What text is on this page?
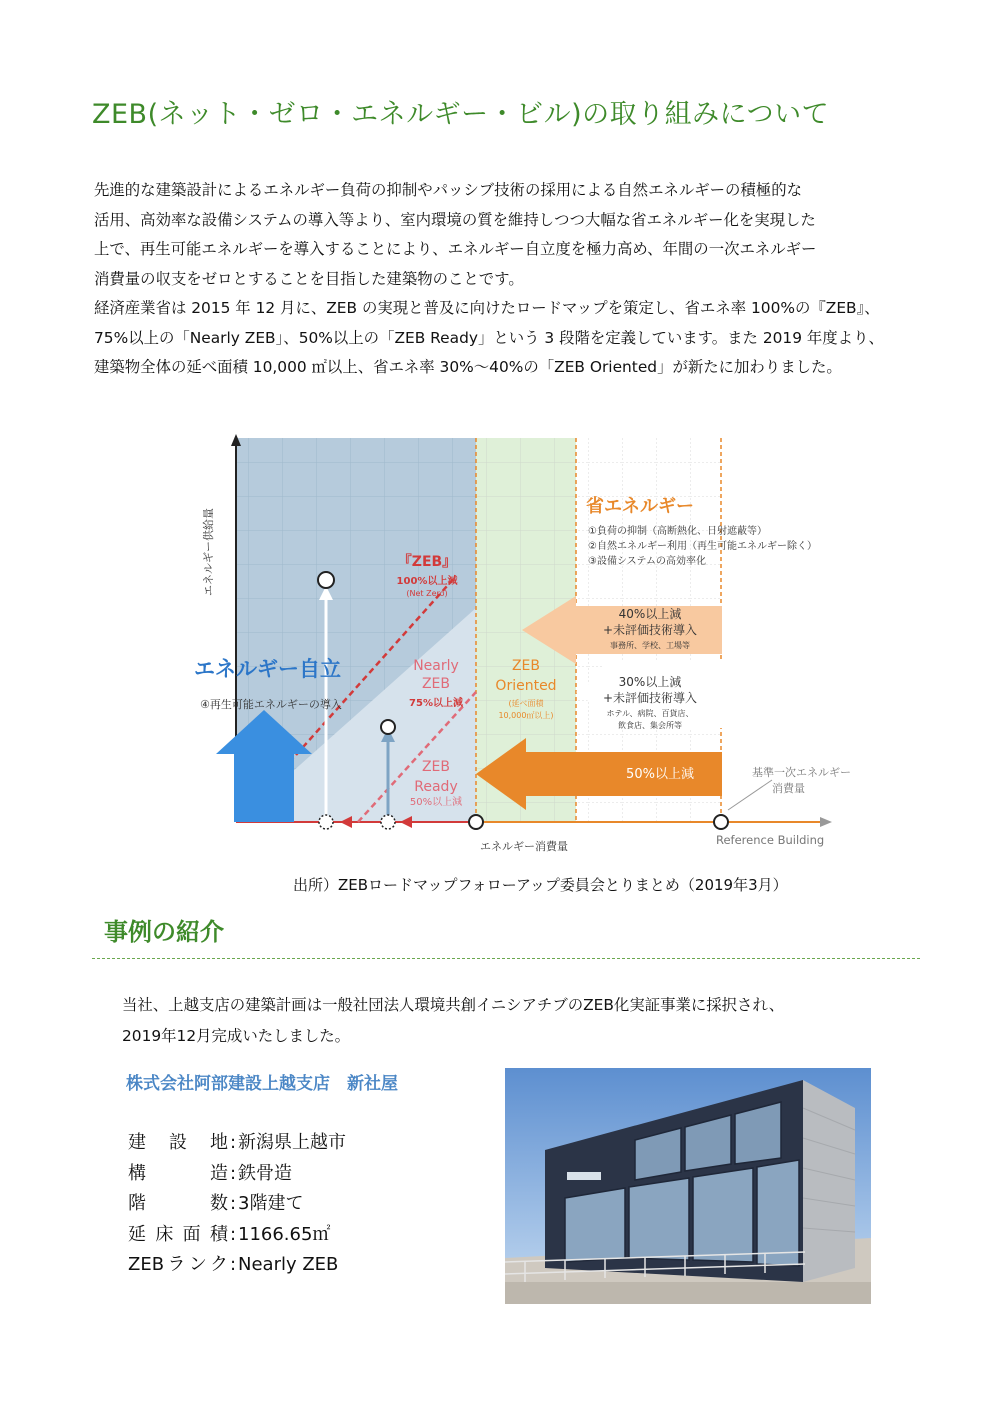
ZEB(ネット・ゼロ・エネルギー・ビル)の取り組みについて

先進的な建築設計によるエネルギー負荷の抑制やパッシブ技術の採用による自然エネルギーの積極的な

活用、高効率な設備システムの導入等より、室内環境の質を維持しつつ大幅な省エネルギー化を実現した

上で、再生可能エネルギーを導入することにより、エネルギー自立度を極力高め、年間の一次エネルギー

消費量の収支をゼロとすることを目指した建築物のことです。

経済産業省は 2015 年 12 月に、ZEB の実現と普及に向けたロードマップを策定し、省エネ率 100%の『ZEB』、

75%以上の「Nearly ZEB」、50%以上の「ZEB Ready」という 3 段階を定義しています。また 2019 年度より、

建築物全体の延べ面積 10,000 ㎡以上、省エネ率 30%～40%の「ZEB Oriented」が新たに加わりました。

エネルギー供給量
エネルギー消費量	Reference Building
基準一次エネルギー
消費量
エネルギー自立
④再生可能エネルギーの導入
『ZEB』
100%以上減
(Net Zero)
Nearly
ZEB
75%以上減
ZEB
Ready
50%以上減
ZEB
Oriented
(延べ面積
10,000㎡以上)
省エネルギー
①負荷の抑制（高断熱化、日射遮蔽等）
②自然エネルギー利用（再生可能エネルギー除く）
③設備システムの高効率化
40%以上減
+未評価技術導入
事務所、学校、工場等
30%以上減
+未評価技術導入
ホテル、病院、百貨店、
飲食店、集会所等
50%以上減
出所）ZEBロードマップフォローアップ委員会とりまとめ（2019年3月）
事例の紹介

当社、上越支店の建築計画は一般社団法人環境共創イニシアチブのZEB化実証事業に採択され、

2019年12月完成いたしました。

株式会社阿部建設上越支店　新社屋
建設地 : 新潟県上越市
構造 : 鉄骨造
階数 : 3階建て
延床面積 : 1166.65㎡
ZEBランク : Nearly ZEB
